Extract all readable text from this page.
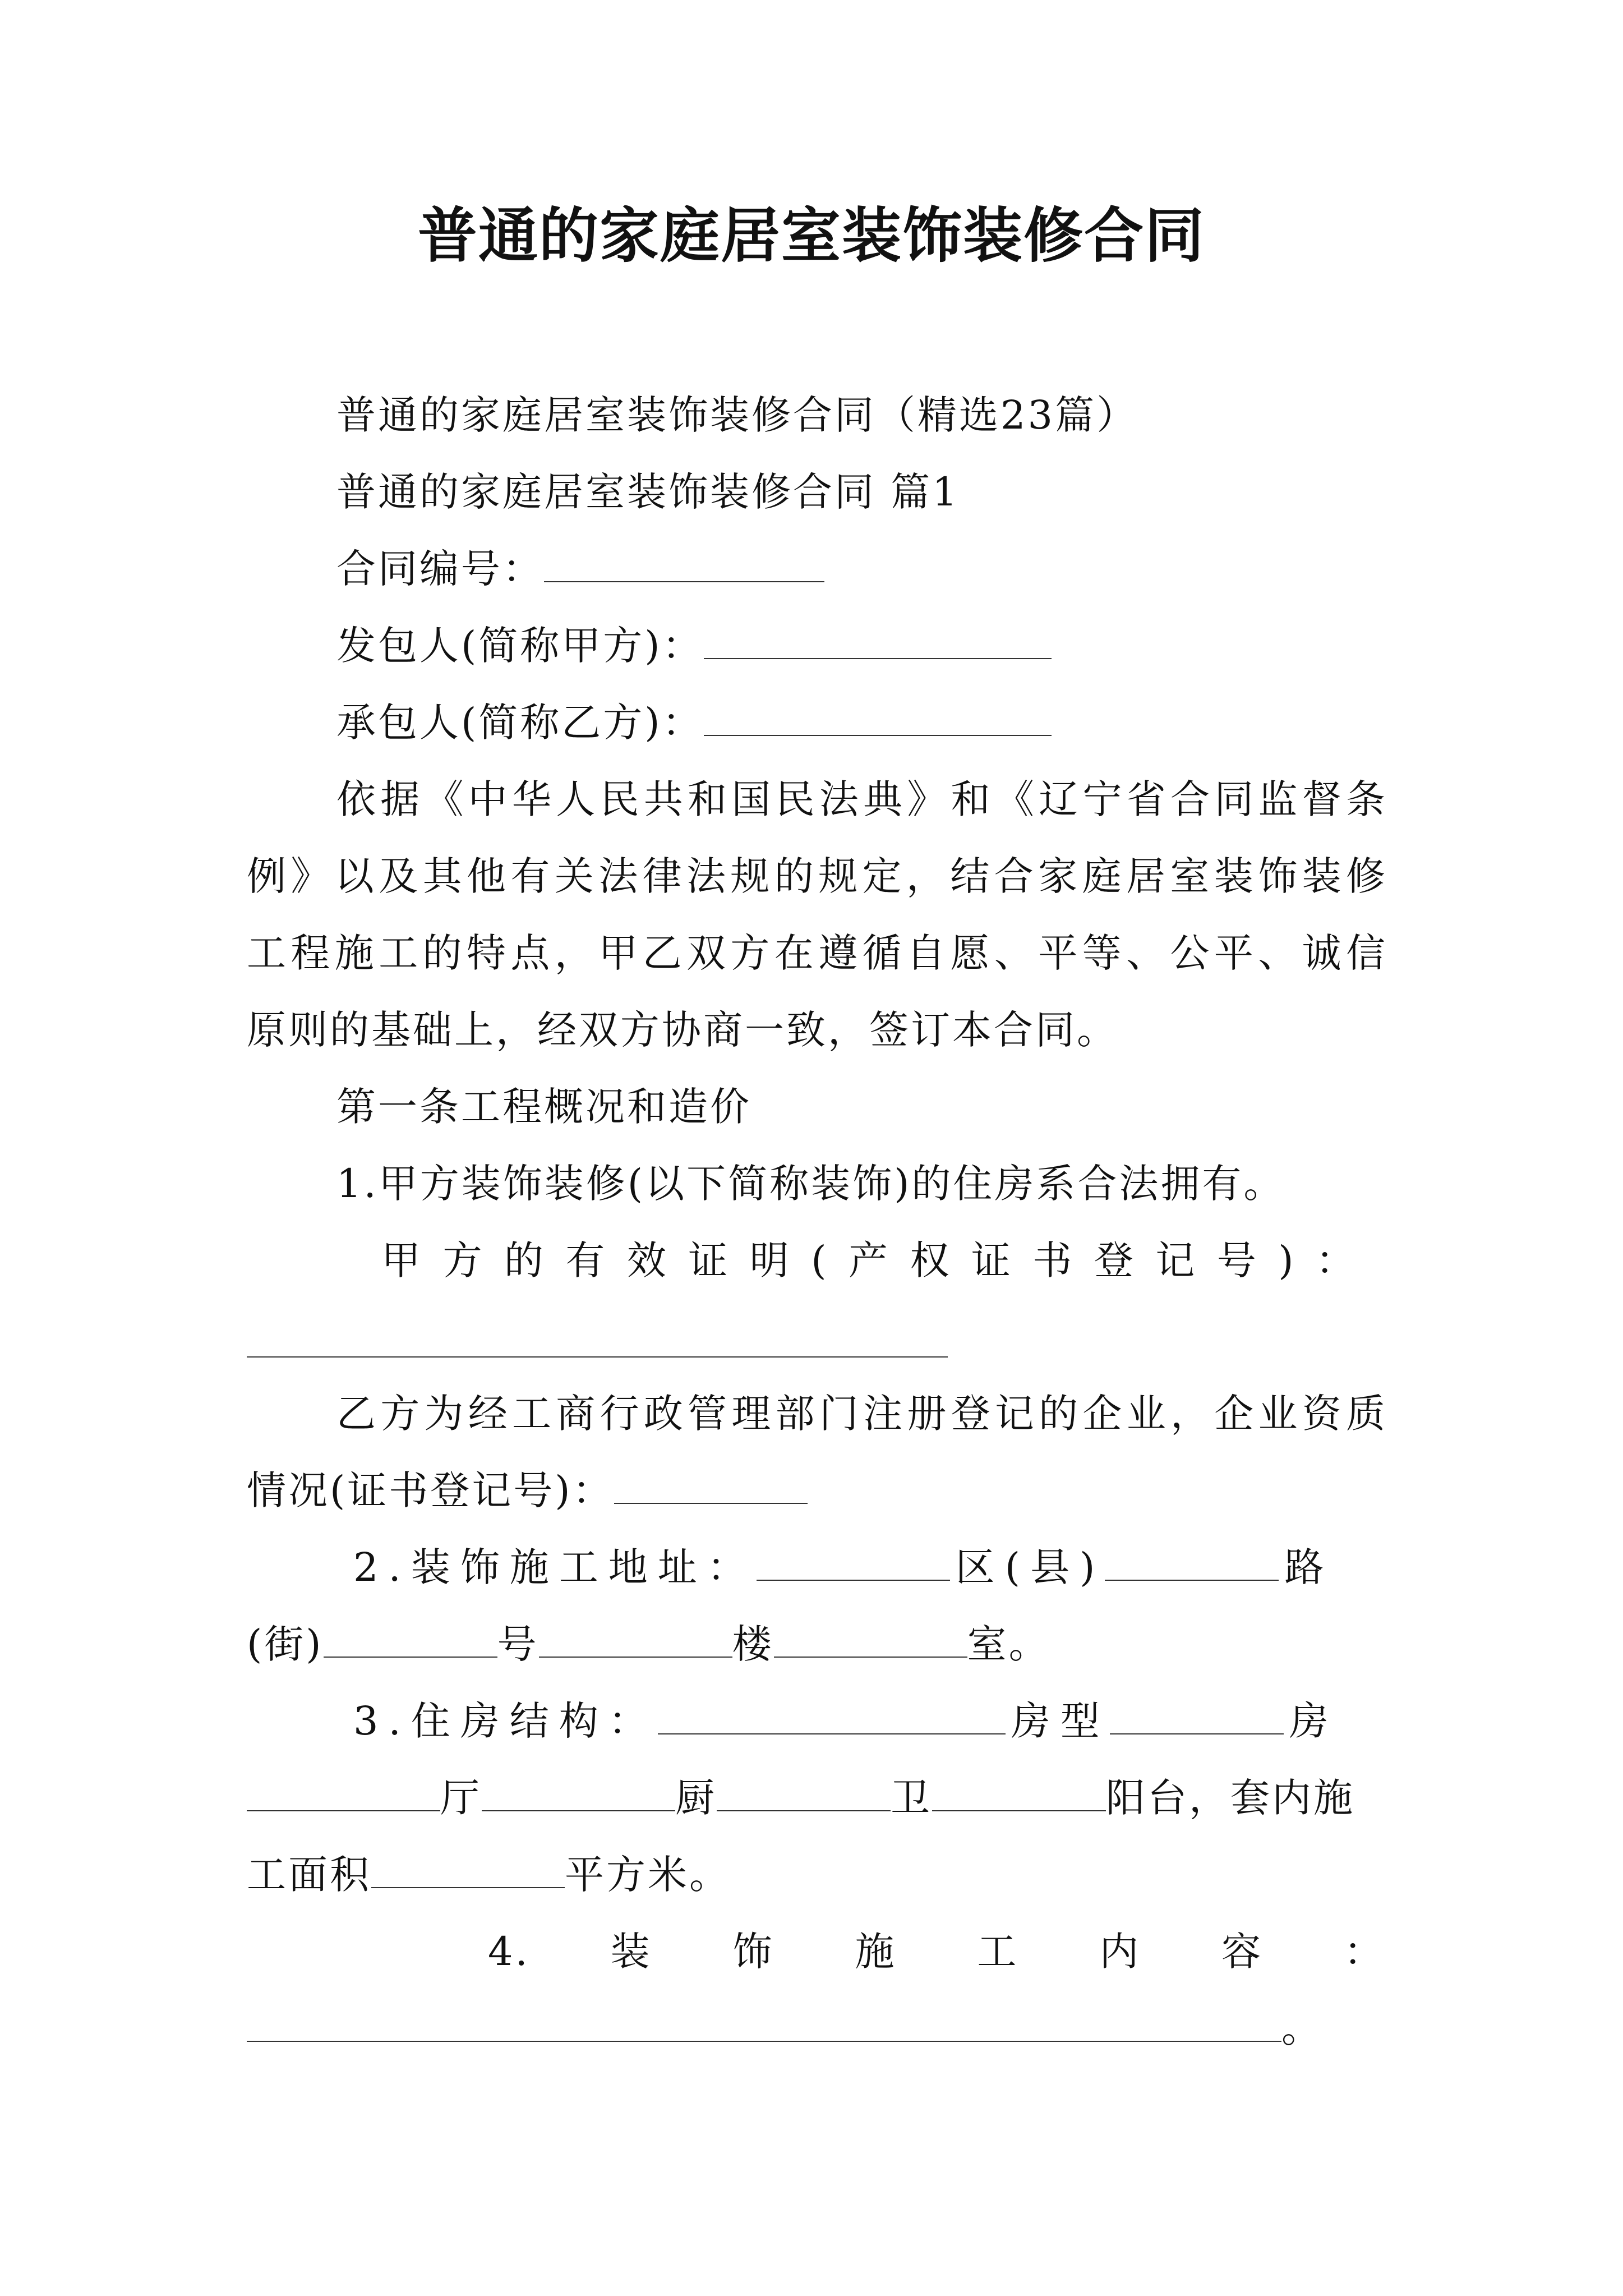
普通的家庭居室装饰装修合同
普通的家庭居室装饰装修合同（精选23篇）
普通的家庭居室装饰装修合同 篇1
合同编号：
发包人(简称甲方)：
承包人(简称乙方)：
依据《中华人民共和国民法典》和《辽宁省合同监督条
例》以及其他有关法律法规的规定，结合家庭居室装饰装修
工程施工的特点，甲乙双方在遵循自愿、平等、公平、诚信
原则的基础上，经双方协商一致，签订本合同。
第一条工程概况和造价
1.甲方装饰装修(以下简称装饰)的住房系合法拥有。
甲方的有效证明(产权证书登记号)：
乙方为经工商行政管理部门注册登记的企业，企业资质
情况(证书登记号)：
2.装饰施工地址：	区(县)	路
(街)	号	楼	室。
3.住房结构：	房型	房
厅	厨	卫	阳台，套内施
工面积	平方米。
4.装饰施工内容：
。
